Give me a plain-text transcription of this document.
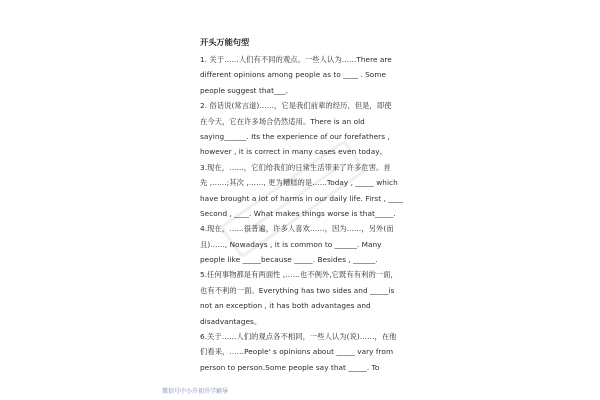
开头万能句型
1. 关于……人们有不同的观点。一些人认为……There are
different opinions among people as to ____ . Some
people suggest that___。
2. 俗话说(常言道)……，它是我们前辈的经历，但是，即使
在今天，它在许多场合仍然适用。There is an old
saying______. Its the experience of our forefathers ,
however , it is correct in many cases even today。
3.现在，……，它们给我们的日常生活带来了许多危害。首
先 ,……;其次 ,……, 更为糟糕的是……Today , _____ which
have brought a lot of harms in our daily life. First , ____
Second , ____. What makes things worse is that_____.
4.现在，……很普遍，许多人喜欢……，因为……，另外(而
且)……, Nowadays , it is common to ______. Many
people like _____because _____. Besides , ______.
5.任何事物都是有两面性 ,……也不例外,它既有有利的一面，
也有不利的一面。Everything has two sides and _____is
not an exception , it has both advantages and
disadvantages。
6.关于……人们的观点各不相同，一些人认为(说)……，在他
们看来，……People' s opinions about _____ vary from
person to person.Some people say that _____. To
微信号中小升初升学辅导
